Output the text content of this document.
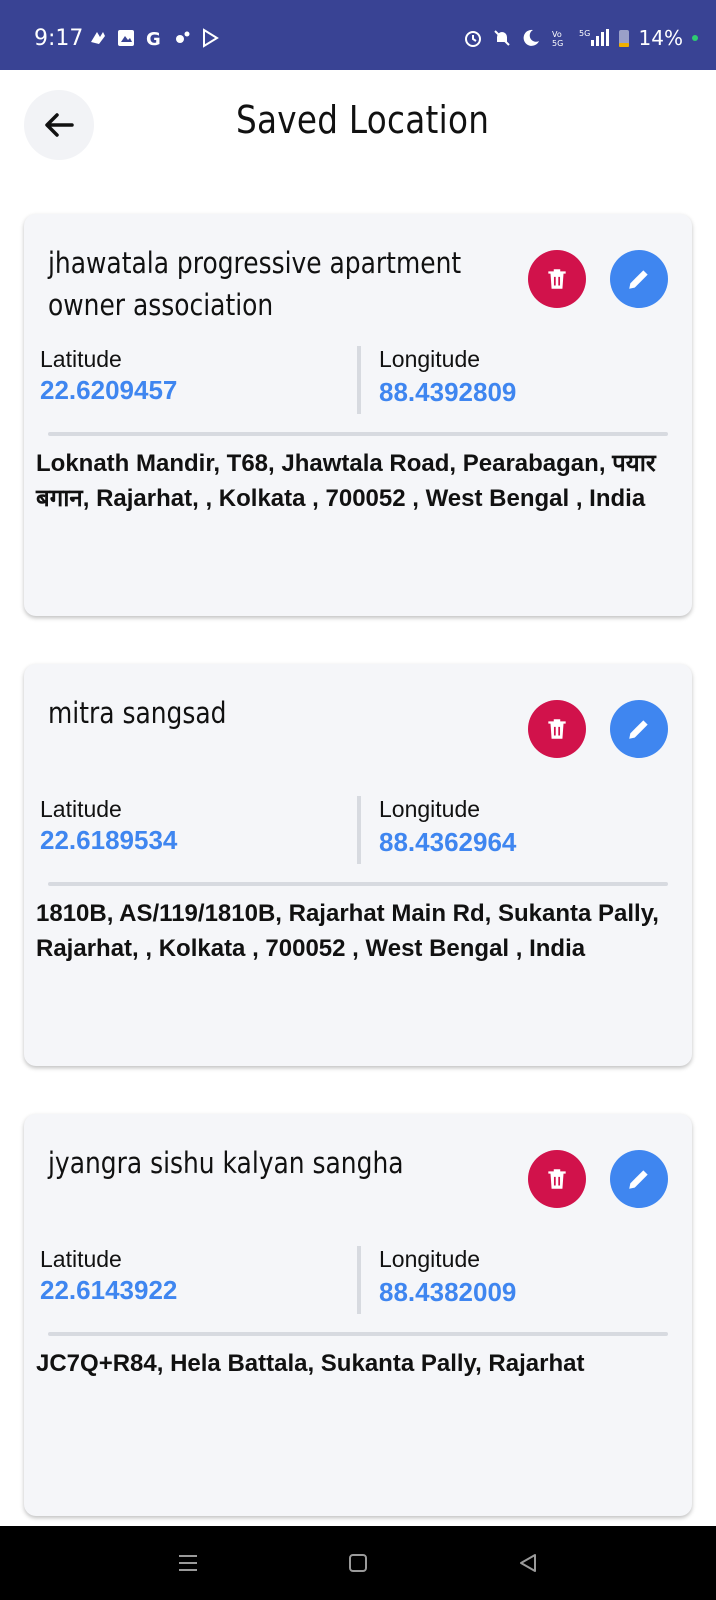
9:17	G	Vo
5G
5G 14%
Saved Location
jhawatala progressive apartment owner association
Latitude
22.6209457
Longitude
88.4392809
Loknath Mandir, T68, Jhawtala Road, Pearabagan, पयार बगान, Rajarhat, , Kolkata , 700052 , West Bengal , India
mitra sangsad
Latitude
22.6189534
Longitude
88.4362964
1810B, AS/119/1810B, Rajarhat Main Rd, Sukanta Pally, Rajarhat, , Kolkata , 700052 , West Bengal , India
jyangra sishu kalyan sangha
Latitude
22.6143922
Longitude
88.4382009
JC7Q+R84, Hela Battala, Sukanta Pally, Rajarhat
